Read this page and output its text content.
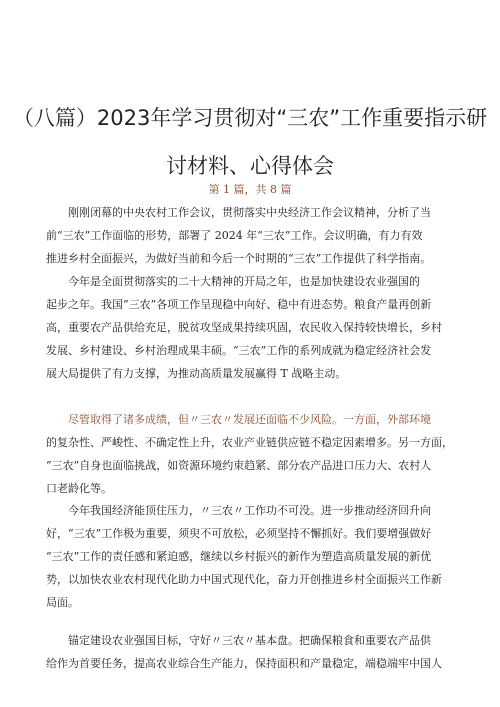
（八篇）2023年学习贯彻对“三农”工作重要指示研
讨材料、心得体会
第 1 篇，共 8 篇
刚刚闭幕的中央农村工作会议，贯彻落实中央经济工作会议精神，分析了当
前“三农”工作面临的形势，部署了 2024 年“三农”工作。会议明确，有力有效
推进乡村全面振兴，为做好当前和今后一个时期的“三农”工作提供了科学指南。
今年是全面贯彻落实的二十大精神的开局之年，也是加快建设农业强国的
起步之年。我国“三农”各项工作呈现稳中向好、稳中有进态势。粮食产量再创新
高，重要农产品供给充足，脱贫攻坚成果持续巩固，农民收入保持较快增长，乡村
发展、乡村建设、乡村治理成果丰硕。“三农”工作的系列成就为稳定经济社会发
展大局提供了有力支撑，为推动高质量发展赢得 T 战略主动。
尽管取得了诸多成绩，但〃三农〃发展还面临不少风险。一方面，外部环境
的复杂性、严峻性、不确定性上升，农业产业链供应链不稳定因素增多。另一方面，
“三农”自身也面临挑战，如资源环境约束趋紧、部分农产品进口压力大、农村人
口老龄化等。
今年我国经济能顶住压力，〃三农〃工作功不可没。进一步推动经济回升向
好，“三农”工作极为重要，须臾不可放松，必须坚持不懈抓好。我们要增强做好
“三农”工作的责任感和紧迫感，继续以乡村振兴的新作为塑造高质量发展的新优
势，以加快农业农村现代化助力中国式现代化，奋力开创推进乡村全面振兴工作新
局面。
锚定建设农业强国目标，守好〃三农〃基本盘。把确保粮食和重要农产品供
给作为首要任务，提高农业综合生产能力，保持面积和产量稳定，端稳端牢中国人
